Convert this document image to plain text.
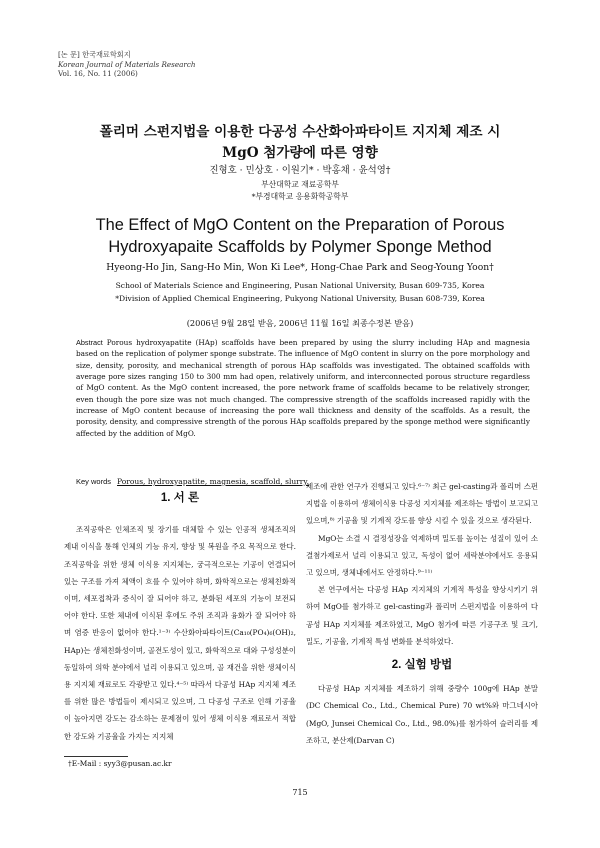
[논 문] 한국재료학회지
Korean Journal of Materials Research
Vol. 16, No. 11 (2006)
폴리머 스펀지법을 이용한 다공성 수산화아파타이트 지지체 제조 시
MgO 첨가량에 따른 영향
진형호 · 민상호 · 이원기* · 박홍채 · 윤석영†
부산대학교 재료공학부
*부경대학교 응용화학공학부
The Effect of MgO Content on the Preparation of Porous
Hydroxyapaite Scaffolds by Polymer Sponge Method
Hyeong-Ho Jin, Sang-Ho Min, Won Ki Lee*, Hong-Chae Park and Seog-Young Yoon†
School of Materials Science and Engineering, Pusan National University, Busan 609-735, Korea
*Division of Applied Chemical Engineering, Pukyong National University, Busan 608-739, Korea
(2006년 9월 28일 받음, 2006년 11월 16일 최종수정본 받음)
Abstract Porous hydroxyapatite (HAp) scaffolds have been prepared by using the slurry including HAp and magnesia based on the replication of polymer sponge substrate. The influence of MgO content in slurry on the pore morphology and size, density, porosity, and mechanical strength of porous HAp scaffolds was investigated. The obtained scaffolds with average pore sizes ranging 150 to 300 mm had open, relatively uniform, and interconnected porous structure regardless of MgO content. As the MgO content increased, the pore network frame of scaffolds became to be relatively stronger, even though the pore size was not much changed. The compressive strength of the scaffolds increased rapidly with the increase of MgO content because of increasing the pore wall thickness and density of the scaffolds. As a result, the porosity, density, and compressive strength of the porous HAp scaffolds prepared by the sponge method were significantly affected by the addition of MgO.
Key words Porous, hydroxyapatite, magnesia, scaffold, slurry.
1. 서 론

조직공학은 인체조직 및 장기를 대체할 수 있는 인공적 생체조직의 제내 이식을 통해 인체의 기능 유지, 향상 및 복원을 주요 목적으로 한다. 조직공학을 위한 생체 이식용 지지체는, 궁극적으로는 기공이 연결되어 있는 구조를 가져 체액이 흐를 수 있어야 하며, 화학적으로는 생체친화적이며, 세포접착과 증식이 잘 되어야 하고, 분화된 세포의 기능이 보전되어야 한다. 또한 체내에 이식된 후에도 주위 조직과 융화가 잘 되어야 하며 염증 반응이 없어야 한다.¹⁻³⁾ 수산화아파타이트(Ca₁₀(PO₄)₆(OH)₂, HAp)는 생체친화성이며, 골전도성이 있고, 화학적으로 대와 구성성분이 동일하여 의학 분야에서 널리 이용되고 있으며, 골 재건을 위한 생체이식용 지지체 재료로도 각광받고 있다.⁴⁻⁵⁾ 따라서 다공성 HAp 지지체 제조를 위한 많은 방법들이 제시되고 있으며, 그 다공성 구조로 인해 기공율이 높아지면 강도는 감소하는 문제점이 있어 생체 이식용 재료로서 적합한 강도와 기공율을 가지는 지지체

제조에 관한 연구가 진행되고 있다.⁶⁻⁷⁾ 최근 gel-casting과 폴리머 스펀지법을 이용하여 생체이식용 다공성 지지체를 제조하는 방법이 보고되고 있으며,⁸⁾ 기공율 및 기계적 강도를 향상 시킬 수 있을 것으로 생각된다.

MgO는 소결 시 결정성장을 억제하며 밀도를 높이는 성질이 있어 소결첨가제로서 널리 이용되고 있고, 독성이 없어 세락분야에서도 응용되고 있으며, 생체내에서도 안정하다.⁹⁻¹¹⁾

본 연구에서는 다공성 HAp 지지체의 기계적 특성을 향상시키기 위하여 MgO를 첨가하고 gel-casting과 폴리머 스펀지법을 이용하여 다공성 HAp 지지체를 제조하였고, MgO 첨가에 따른 기공구조 및 크기, 밀도, 기공율, 기계적 특성 변화를 분석하였다.

2. 실험 방법

다공성 HAp 지지체를 제조하기 위해 중량수 100g에 HAp 분말(DC Chemical Co., Ltd., Chemical Pure) 70 wt%와 마그네시아(MgO, Junsei Chemical Co., Ltd., 98.0%)를 첨가하여 슬러리를 제조하고, 분산제(Darvan C)

†E-Mail : syy3@pusan.ac.kr
715
